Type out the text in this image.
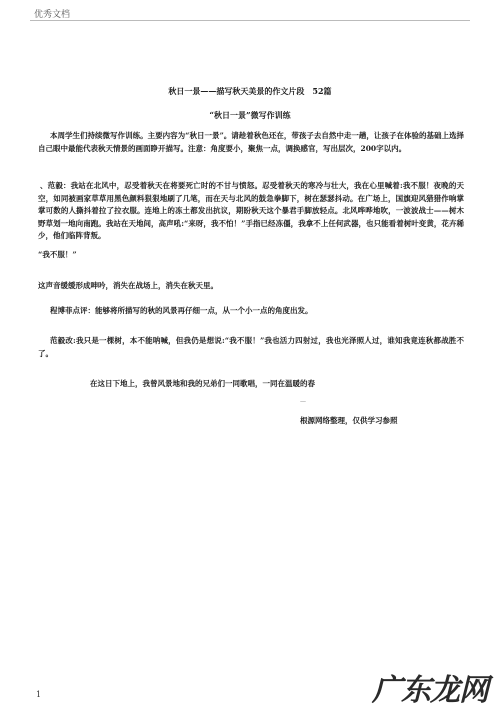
优秀文档
秋日一景——描写秋天美景的作文片段　52篇
“秋日一景”微写作训练

本周学生们持续微写作训练。主要内容为“秋日一景”。请趁着秋色还在，带孩子去自然中走一趟，让孩子在体验的基础上选择自己眼中最能代表秋天情景的画面睁开描写。注意：角度要小，聚焦一点，调换感官，写出层次，200字以内。

、范毅：我站在北风中，忍受着秋天在将要死亡时的不甘与愤怒。忍受着秋天的寒冷与壮大，我在心里喊着:我不服！夜晚的天空，如同被画家草草用黑色颜料狠狠地刷了几笔，而在天与北风的鼓急拳脚下，树在瑟瑟抖动。在广场上，国旗迎风猎猎作响掌掌可数的人撕抖着拉了拉衣服。连地上的冻土都发出抗议，期盼秋天这个暴君手脚放轻点。北风哗哗地吹，一波波战士——树木野草划一地向南跑。我站在天地间，高声吼:“来呀，我不怕！”手指已经冻僵，我拿不上任何武器，也只能看着树叶变黄，花卉稀少，他们临阵背叛。

“我不服！”

这声音缓缓形成呻吟，消失在战场上，消失在秋天里。

程博菲点评：能够将所描写的秋的风景再仔细一点，从一个小一点的角度出发。

范毅改:我只是一棵树，本不能呐喊，但我仍是想说:“我不服！”我也活力四射过，我也光泽照人过，谁知我竟连秋都战胜不了。

在这日下地上，我曾风景地和我的兄弟们一同歌唱，一同在温暖的春

—
根源网络整理，仅供学习参照
1	广东龙网
